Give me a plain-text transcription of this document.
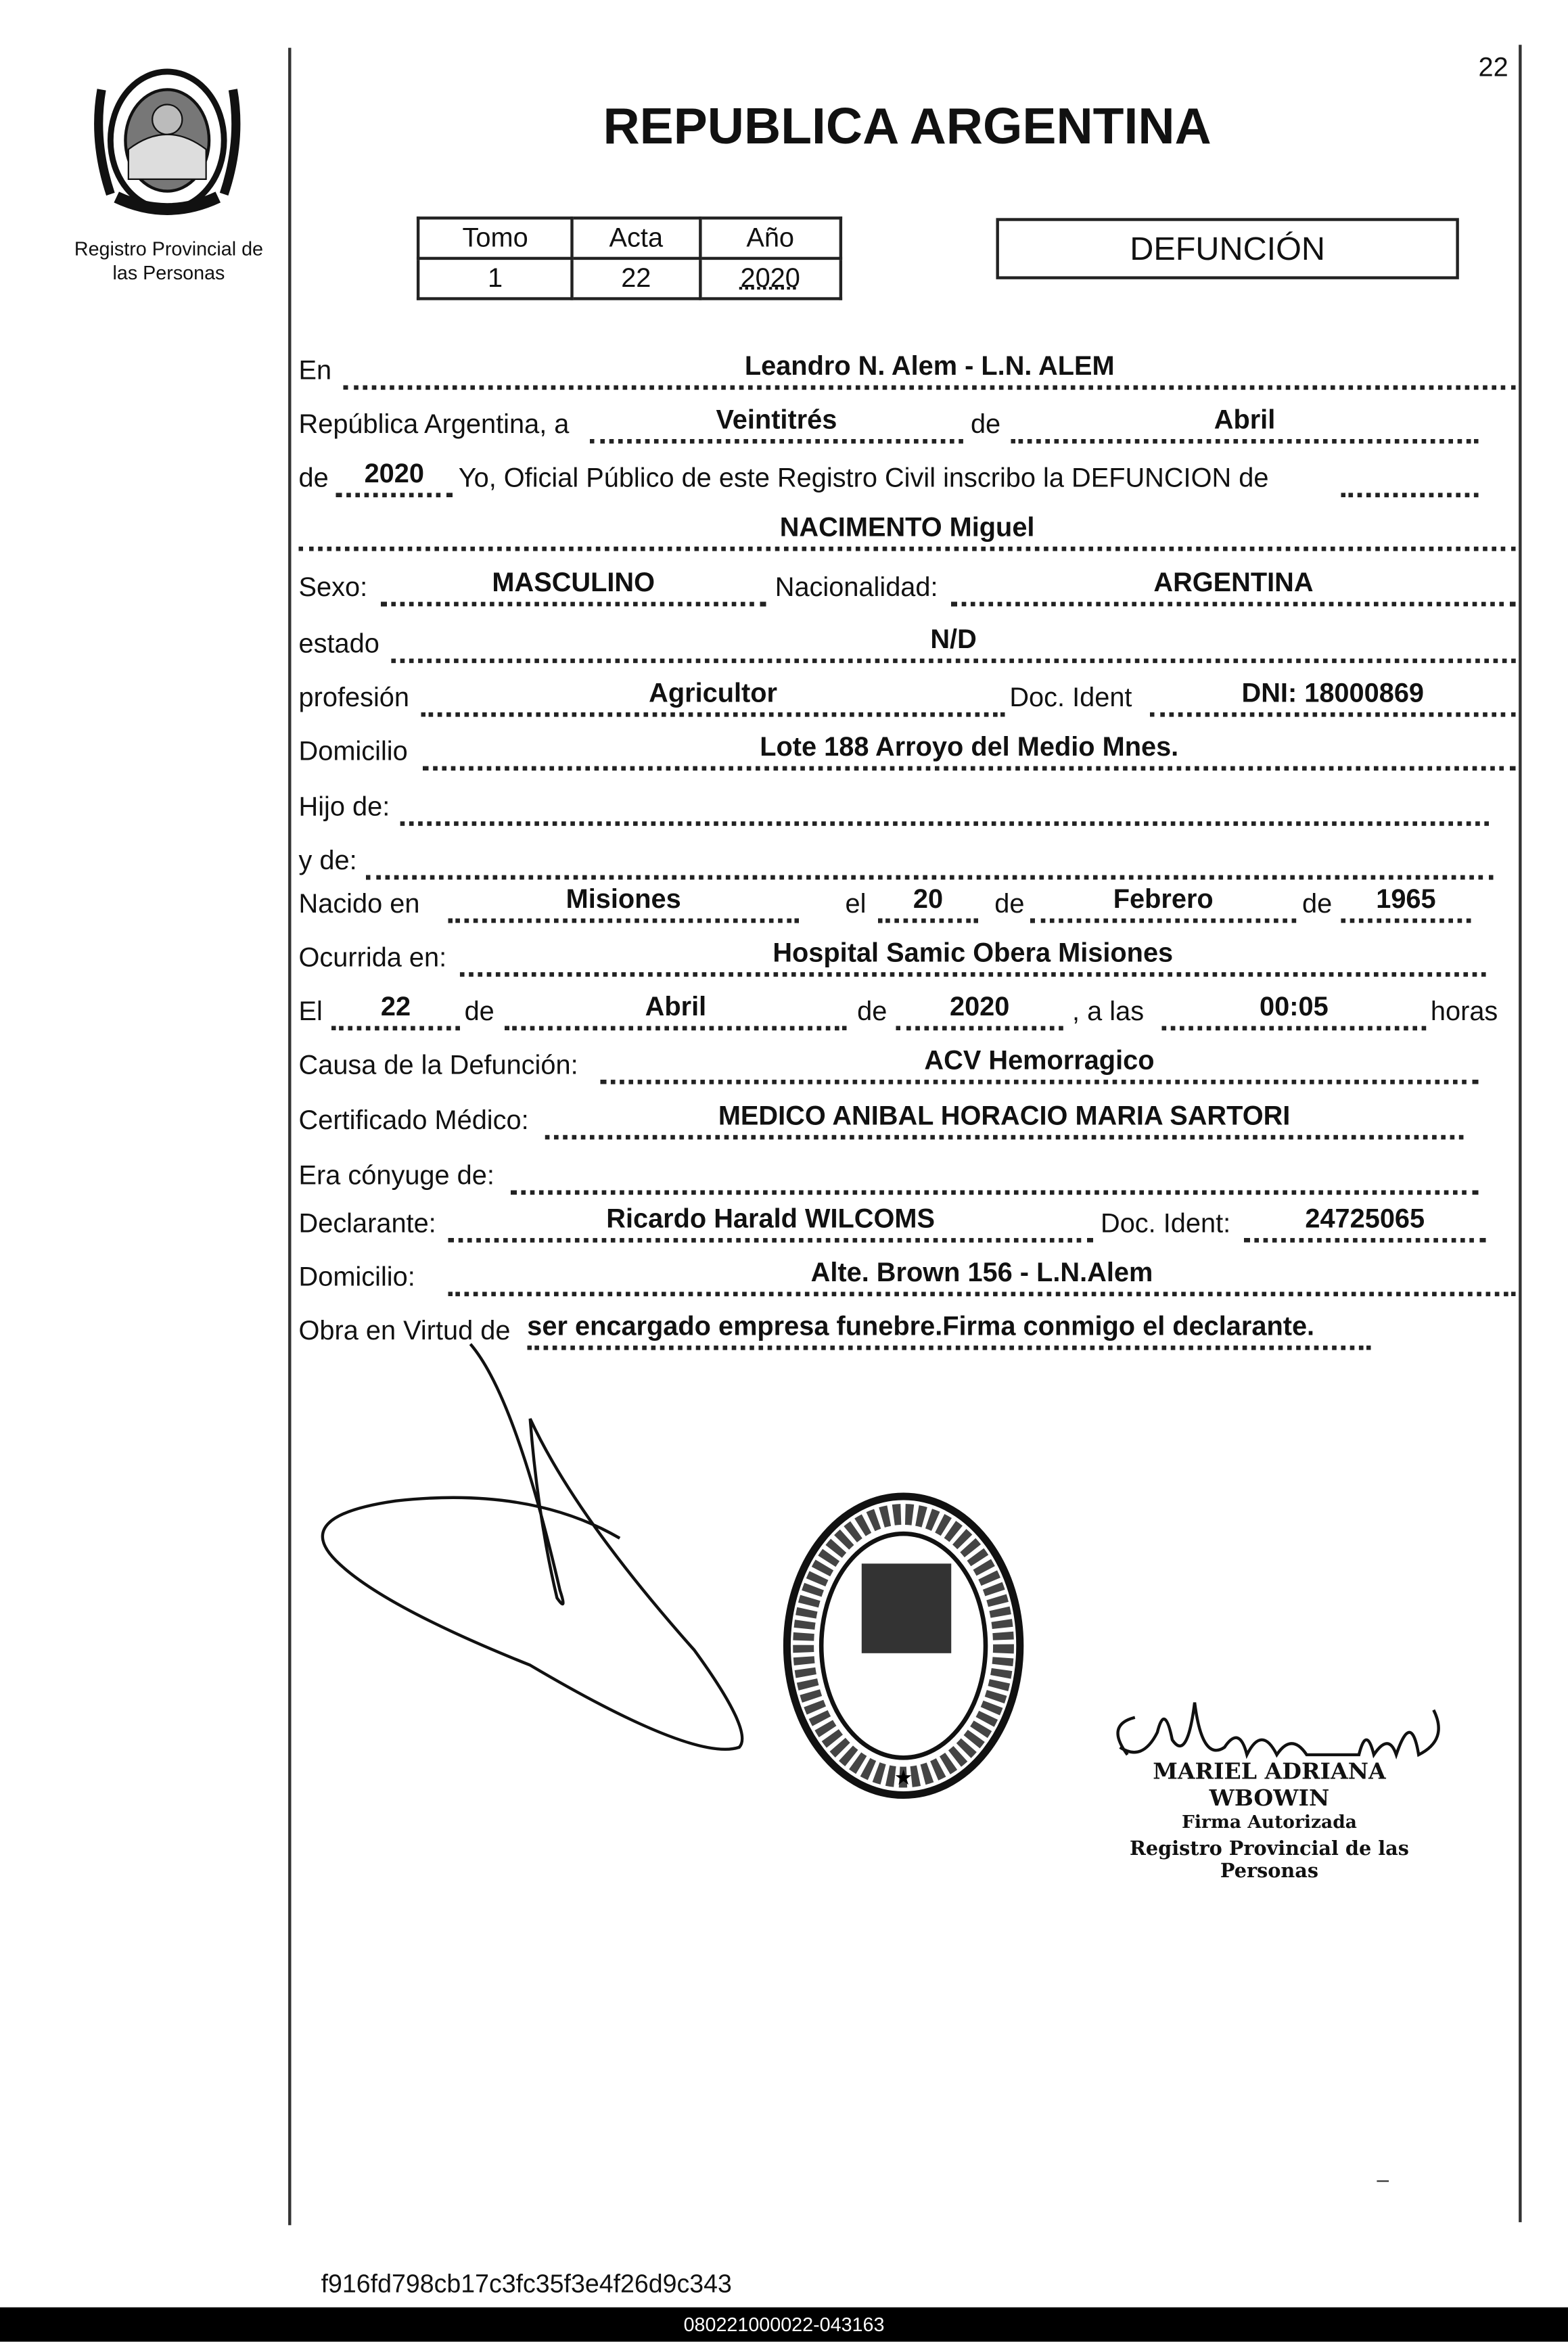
22
Registro Provincial de
las Personas
REPUBLICA ARGENTINA
Tomo	Acta	Año
1	22	2020
DEFUNCIÓN
En	Leandro N. Alem - L.N. ALEM
República Argentina, a	Veintitrés	de	Abril
de	2020	Yo, Oficial Público de este Registro Civil inscribo la DEFUNCION de
NACIMENTO Miguel
Sexo:	MASCULINO	Nacionalidad:	ARGENTINA
estado	N/D
profesión	Agricultor	Doc. Ident	DNI: 18000869
Domicilio	Lote 188 Arroyo del Medio Mnes.
Hijo de:
y de:
Nacido en	Misiones	el	20	de	Febrero	de	1965
Ocurrida en:	Hospital Samic Obera Misiones
El	22	de	Abril	de	2020	, a las	00:05	horas
Causa de la Defunción:	ACV Hemorragico
Certificado Médico:	MEDICO ANIBAL HORACIO MARIA SARTORI
Era cónyuge de:
Declarante:	Ricardo Harald WILCOMS	Doc. Ident:	24725065
Domicilio:	Alte. Brown 156 - L.N.Alem
Obra en Virtud de ser encargado empresa funebre.Firma conmigo el declarante.
★	MARIEL ADRIANA WBOWIN
Firma Autorizada
Registro Provincial de las Personas
f916fd798cb17c3fc35f3e4f26d9c343
080221000022-043163
